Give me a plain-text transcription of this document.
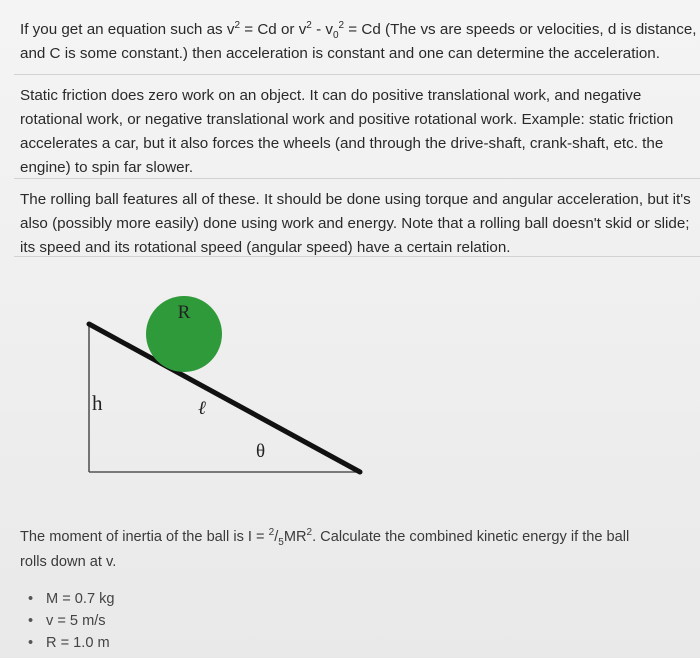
If you get an equation such as $v^2 = Cd$ or $v^2 - v_0^2 = Cd$ (The vs are speeds or velocities, d is distance,
and C is some constant.) then acceleration is constant and one can determine the acceleration.
Static friction does zero work on an object. It can do positive translational work, and negative
rotational work, or negative translational work and positive rotational work. Example: static friction
accelerates a car, but it also forces the wheels (and through the drive-shaft, crank-shaft, etc. the
engine) to spin far slower.
The rolling ball features all of these. It should be done using torque and angular acceleration, but it's
also (possibly more easily) done using work and energy. Note that a rolling ball doesn't skid or slide;
its speed and its rotational speed (angular speed) have a certain relation.
R
h	ℓ
θ
The moment of inertia of the ball is $I = ^2/_5MR^2$. Calculate the combined kinetic energy if the ball
rolls down at v.
• M = 0.7 kg
• v = 5 m/s
• R = 1.0 m
